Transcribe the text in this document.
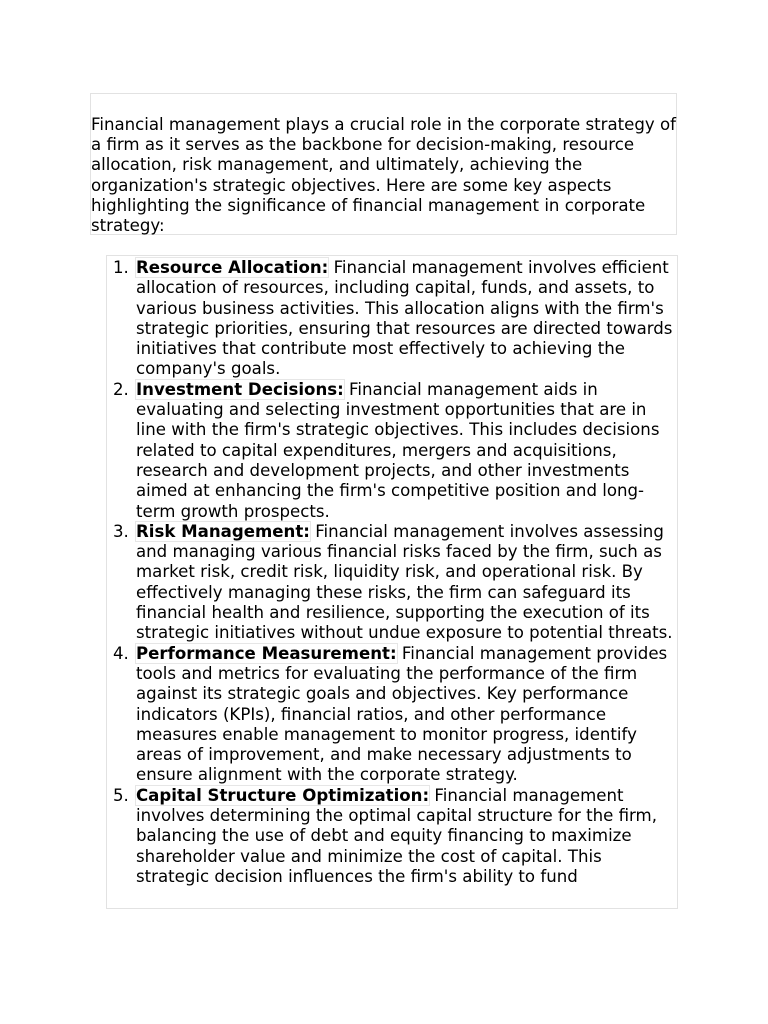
Financial management plays a crucial role in the corporate strategy of a firm as it serves as the backbone for decision-making, resource allocation, risk management, and ultimately, achieving the organization's strategic objectives. Here are some key aspects highlighting the significance of financial management in corporate strategy:

1. Resource Allocation: Financial management involves efficient allocation of resources, including capital, funds, and assets, to various business activities. This allocation aligns with the firm's strategic priorities, ensuring that resources are directed towards initiatives that contribute most effectively to achieving the company's goals.
2. Investment Decisions: Financial management aids in evaluating and selecting investment opportunities that are in line with the firm's strategic objectives. This includes decisions related to capital expenditures, mergers and acquisitions, research and development projects, and other investments aimed at enhancing the firm's competitive position and long-term growth prospects.
3. Risk Management: Financial management involves assessing and managing various financial risks faced by the firm, such as market risk, credit risk, liquidity risk, and operational risk. By effectively managing these risks, the firm can safeguard its financial health and resilience, supporting the execution of its strategic initiatives without undue exposure to potential threats.
4. Performance Measurement: Financial management provides tools and metrics for evaluating the performance of the firm against its strategic goals and objectives. Key performance indicators (KPIs), financial ratios, and other performance measures enable management to monitor progress, identify areas of improvement, and make necessary adjustments to ensure alignment with the corporate strategy.
5. Capital Structure Optimization: Financial management involves determining the optimal capital structure for the firm, balancing the use of debt and equity financing to maximize shareholder value and minimize the cost of capital. This strategic decision influences the firm's ability to fund
